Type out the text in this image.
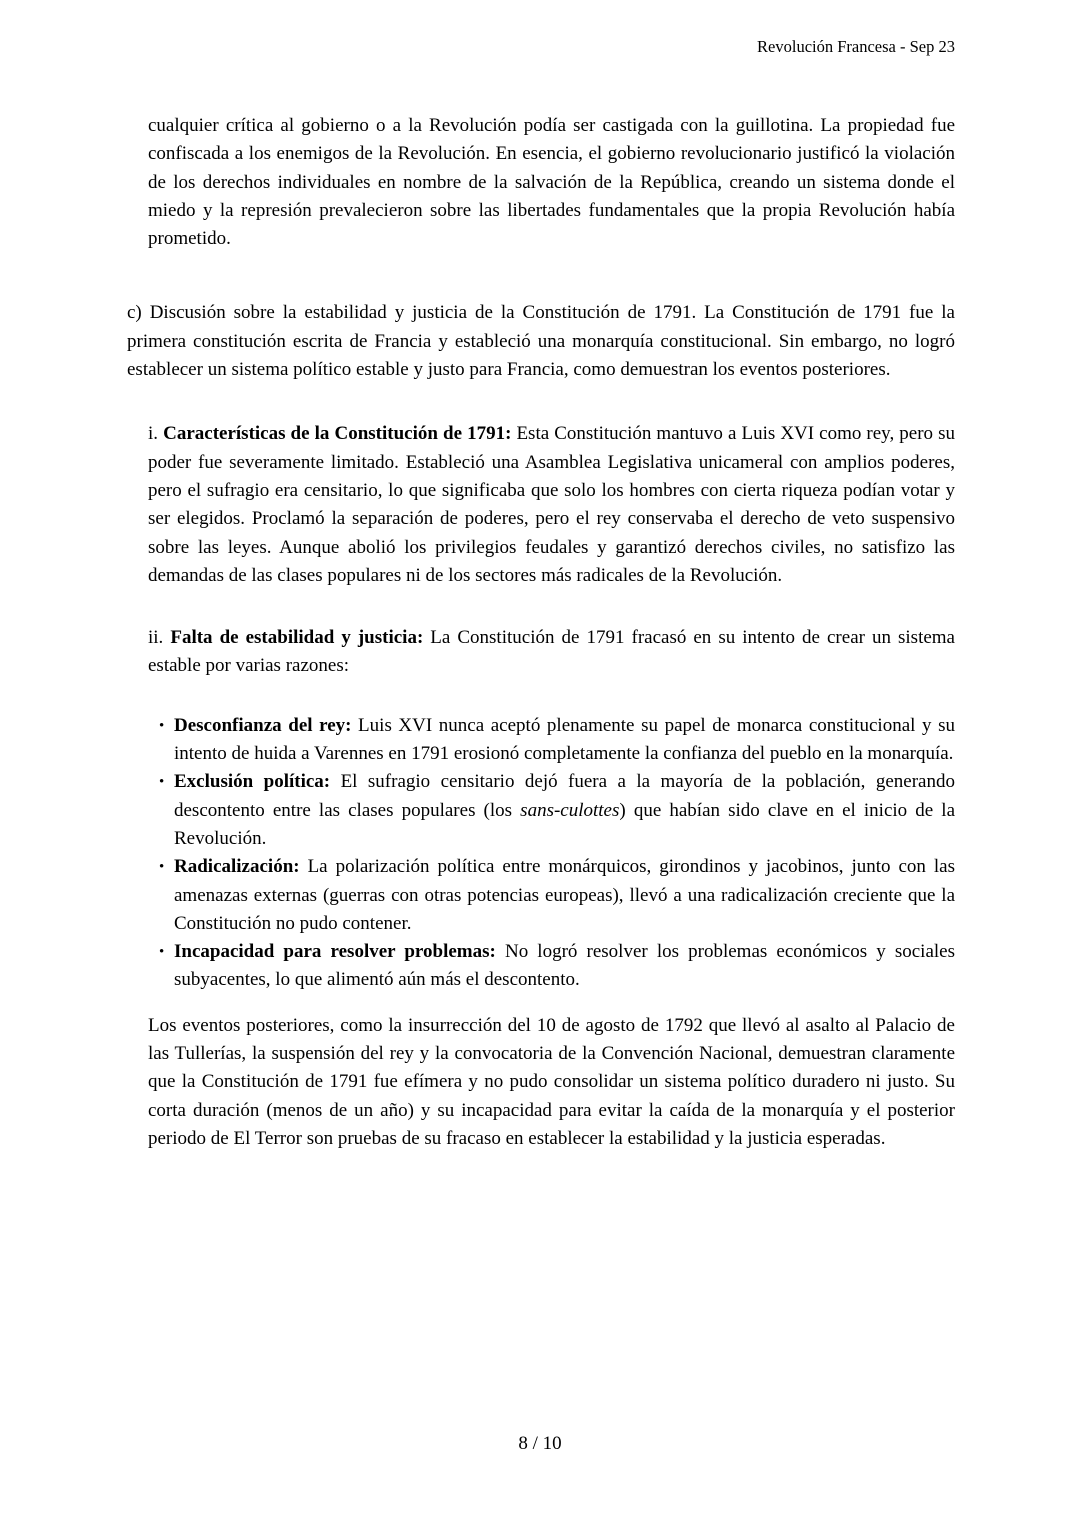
Revolución Francesa - Sep 23

cualquier crítica al gobierno o a la Revolución podía ser castigada con la guillotina. La propiedad fue confiscada a los enemigos de la Revolución. En esencia, el gobierno revolucionario justificó la violación de los derechos individuales en nombre de la salvación de la República, creando un sistema donde el miedo y la represión prevalecieron sobre las libertades fundamentales que la propia Revolución había prometido.

c) Discusión sobre la estabilidad y justicia de la Constitución de 1791. La Constitución de 1791 fue la primera constitución escrita de Francia y estableció una monarquía constitucional. Sin embargo, no logró establecer un sistema político estable y justo para Francia, como demuestran los eventos posteriores.

i. Características de la Constitución de 1791: Esta Constitución mantuvo a Luis XVI como rey, pero su poder fue severamente limitado. Estableció una Asamblea Legislativa unicameral con amplios poderes, pero el sufragio era censitario, lo que significaba que solo los hombres con cierta riqueza podían votar y ser elegidos. Proclamó la separación de poderes, pero el rey conservaba el derecho de veto suspensivo sobre las leyes. Aunque abolió los privilegios feudales y garantizó derechos civiles, no satisfizo las demandas de las clases populares ni de los sectores más radicales de la Revolución.

ii. Falta de estabilidad y justicia: La Constitución de 1791 fracasó en su intento de crear un sistema estable por varias razones:

• Desconfianza del rey: Luis XVI nunca aceptó plenamente su papel de monarca constitucional y su intento de huida a Varennes en 1791 erosionó completamente la confianza del pueblo en la monarquía.
• Exclusión política: El sufragio censitario dejó fuera a la mayoría de la población, generando descontento entre las clases populares (los sans-culottes) que habían sido clave en el inicio de la Revolución.
• Radicalización: La polarización política entre monárquicos, girondinos y jacobinos, junto con las amenazas externas (guerras con otras potencias europeas), llevó a una radicalización creciente que la Constitución no pudo contener.
• Incapacidad para resolver problemas: No logró resolver los problemas económicos y sociales subyacentes, lo que alimentó aún más el descontento.

Los eventos posteriores, como la insurrección del 10 de agosto de 1792 que llevó al asalto al Palacio de las Tullerías, la suspensión del rey y la convocatoria de la Convención Nacional, demuestran claramente que la Constitución de 1791 fue efímera y no pudo consolidar un sistema político duradero ni justo. Su corta duración (menos de un año) y su incapacidad para evitar la caída de la monarquía y el posterior periodo de El Terror son pruebas de su fracaso en establecer la estabilidad y la justicia esperadas.

8 / 10
